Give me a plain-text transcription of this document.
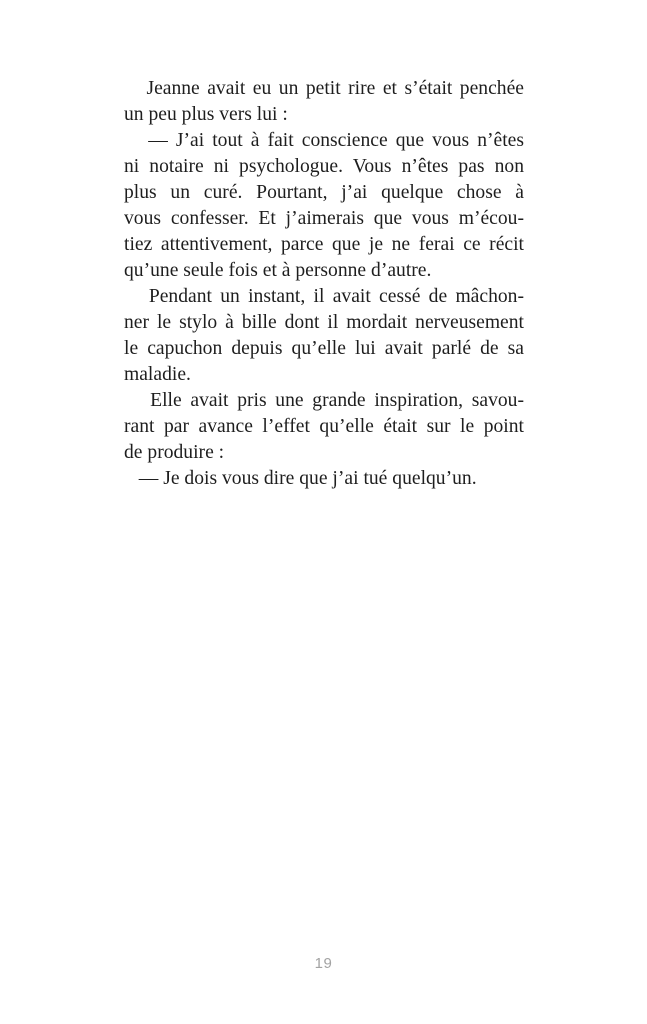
Jeanne avait eu un petit rire et s’était penchée
un peu plus vers lui :
— J’ai tout à fait conscience que vous n’êtes
ni notaire ni psychologue. Vous n’êtes pas non
plus un curé. Pourtant, j’ai quelque chose à
vous confesser. Et j’aimerais que vous m’écou-
tiez attentivement, parce que je ne ferai ce récit
qu’une seule fois et à personne d’autre.
Pendant un instant, il avait cessé de mâchon-
ner le stylo à bille dont il mordait nerveusement
le capuchon depuis qu’elle lui avait parlé de sa
maladie.
Elle avait pris une grande inspiration, savou-
rant par avance l’effet qu’elle était sur le point
de produire :
— Je dois vous dire que j’ai tué quelqu’un.
19
